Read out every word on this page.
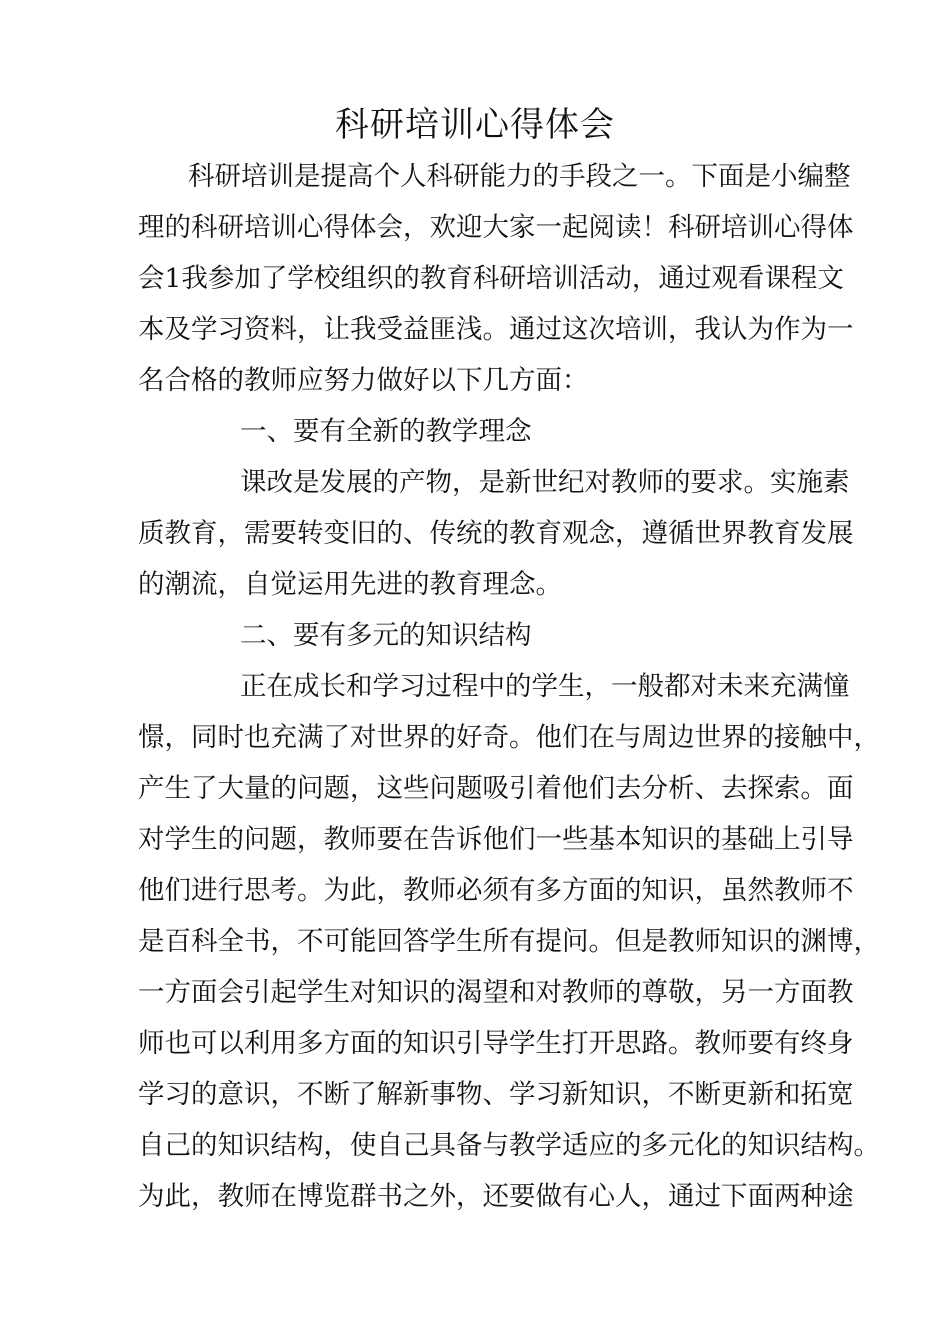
科研培训心得体会
科研培训是提高个人科研能力的手段之一。下面是小编整
理的科研培训心得体会，欢迎大家一起阅读！科研培训心得体
会1我参加了学校组织的教育科研培训活动，通过观看课程文
本及学习资料，让我受益匪浅。通过这次培训，我认为作为一
名合格的教师应努力做好以下几方面：
一、要有全新的教学理念
课改是发展的产物，是新世纪对教师的要求。实施素
质教育，需要转变旧的、传统的教育观念，遵循世界教育发展
的潮流，自觉运用先进的教育理念。
二、要有多元的知识结构
正在成长和学习过程中的学生，一般都对未来充满憧
憬，同时也充满了对世界的好奇。他们在与周边世界的接触中，
产生了大量的问题，这些问题吸引着他们去分析、去探索。面
对学生的问题，教师要在告诉他们一些基本知识的基础上引导
他们进行思考。为此，教师必须有多方面的知识，虽然教师不
是百科全书，不可能回答学生所有提问。但是教师知识的渊博，
一方面会引起学生对知识的渴望和对教师的尊敬，另一方面教
师也可以利用多方面的知识引导学生打开思路。教师要有终身
学习的意识，不断了解新事物、学习新知识，不断更新和拓宽
自己的知识结构，使自己具备与教学适应的多元化的知识结构。
为此，教师在博览群书之外，还要做有心人，通过下面两种途
